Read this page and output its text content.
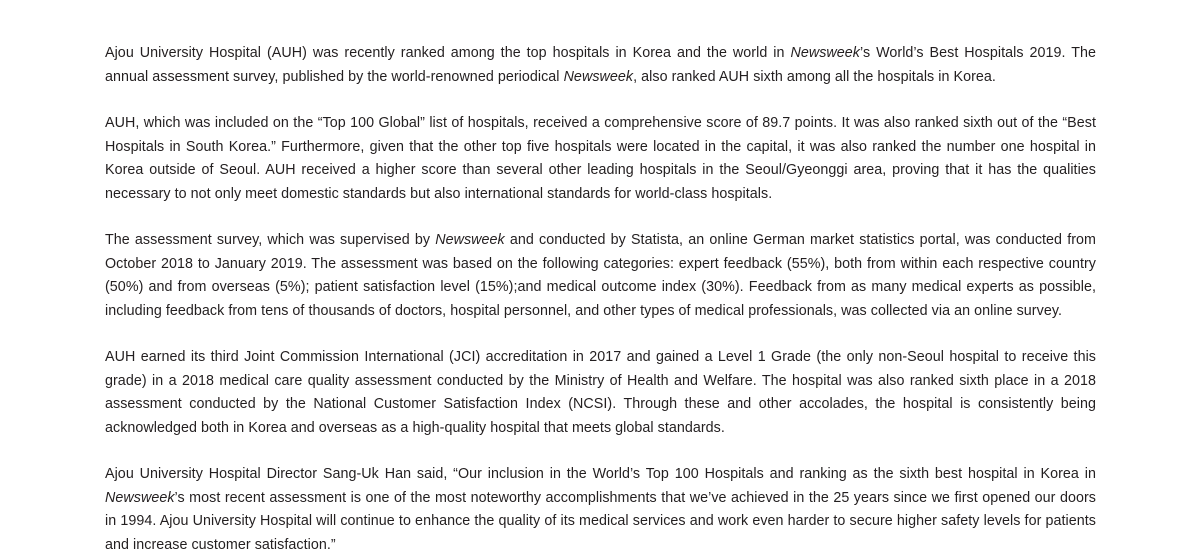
Ajou University Hospital (AUH) was recently ranked among the top hospitals in Korea and the world in Newsweek’s World’s Best Hospitals 2019. The annual assessment survey, published by the world-renowned periodical Newsweek, also ranked AUH sixth among all the hospitals in Korea.

AUH, which was included on the “Top 100 Global” list of hospitals, received a comprehensive score of 89.7 points. It was also ranked sixth out of the “Best Hospitals in South Korea.” Furthermore, given that the other top five hospitals were located in the capital, it was also ranked the number one hospital in Korea outside of Seoul. AUH received a higher score than several other leading hospitals in the Seoul/Gyeonggi area, proving that it has the qualities necessary to not only meet domestic standards but also international standards for world-class hospitals.

The assessment survey, which was supervised by Newsweek and conducted by Statista, an online German market statistics portal, was conducted from October 2018 to January 2019. The assessment was based on the following categories: expert feedback (55%), both from within each respective country (50%) and from overseas (5%); patient satisfaction level (15%);and medical outcome index (30%). Feedback from as many medical experts as possible, including feedback from tens of thousands of doctors, hospital personnel, and other types of medical professionals, was collected via an online survey.

AUH earned its third Joint Commission International (JCI) accreditation in 2017 and gained a Level 1 Grade (the only non-Seoul hospital to receive this grade) in a 2018 medical care quality assessment conducted by the Ministry of Health and Welfare. The hospital was also ranked sixth place in a 2018 assessment conducted by the National Customer Satisfaction Index (NCSI). Through these and other accolades, the hospital is consistently being acknowledged both in Korea and overseas as a high-quality hospital that meets global standards.

Ajou University Hospital Director Sang-Uk Han said, “Our inclusion in the World’s Top 100 Hospitals and ranking as the sixth best hospital in Korea in Newsweek’s most recent assessment is one of the most noteworthy accomplishments that we’ve achieved in the 25 years since we first opened our doors in 1994. Ajou University Hospital will continue to enhance the quality of its medical services and work even harder to secure higher safety levels for patients and increase customer satisfaction.”
